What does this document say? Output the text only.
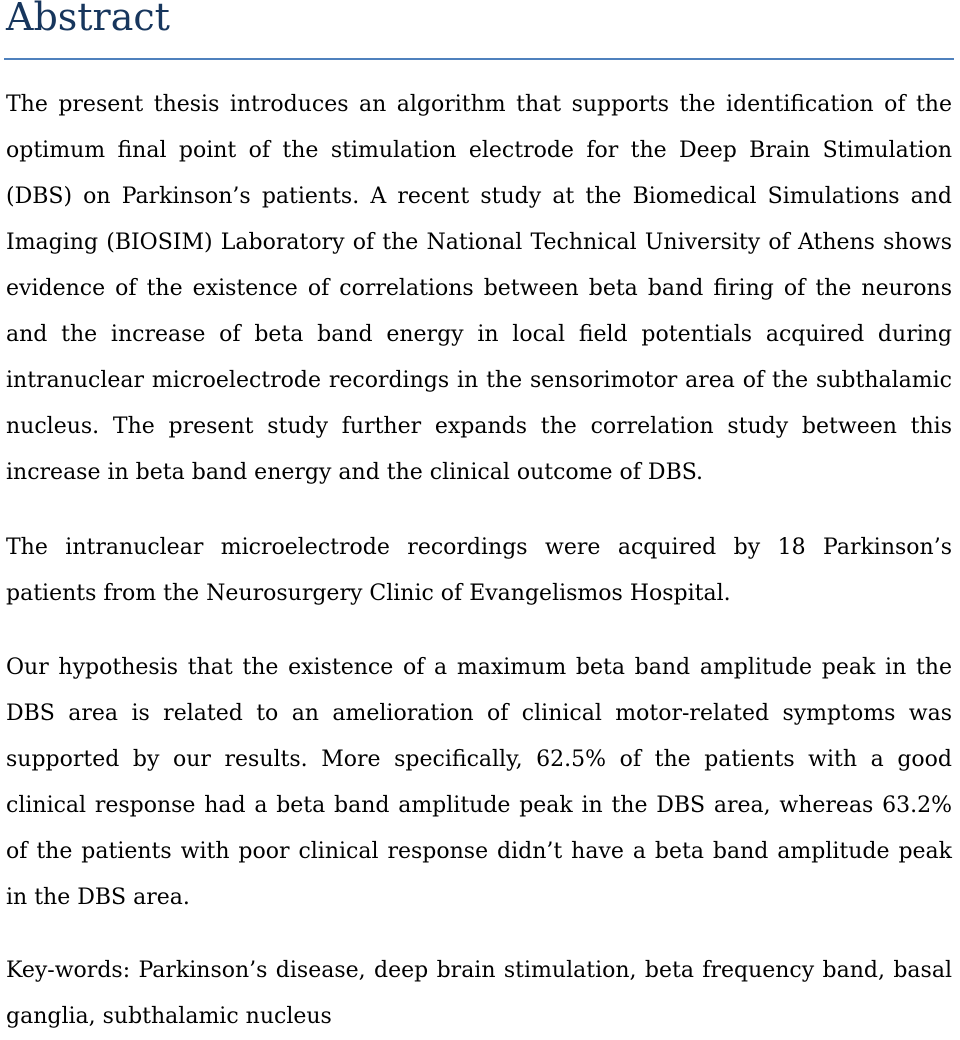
Abstract

The present thesis introduces an algorithm that supports the identification of the optimum final point of the stimulation electrode for the Deep Brain Stimulation (DBS) on Parkinson’s patients. A recent study at the Biomedical Simulations and Imaging (BIOSIM) Laboratory of the National Technical University of Athens shows evidence of the existence of correlations between beta band firing of the neurons and the increase of beta band energy in local field potentials acquired during intranuclear microelectrode recordings in the sensorimotor area of the subthalamic nucleus. The present study further expands the correlation study between this increase in beta band energy and the clinical outcome of DBS.

The intranuclear microelectrode recordings were acquired by 18 Parkinson’s patients from the Neurosurgery Clinic of Evangelismos Hospital.

Our hypothesis that the existence of a maximum beta band amplitude peak in the DBS area is related to an amelioration of clinical motor-related symptoms was supported by our results. More specifically, 62.5% of the patients with a good clinical response had a beta band amplitude peak in the DBS area, whereas 63.2% of the patients with poor clinical response didn’t have a beta band amplitude peak in the DBS area.

Key-words: Parkinson’s disease, deep brain stimulation, beta frequency band, basal ganglia, subthalamic nucleus
